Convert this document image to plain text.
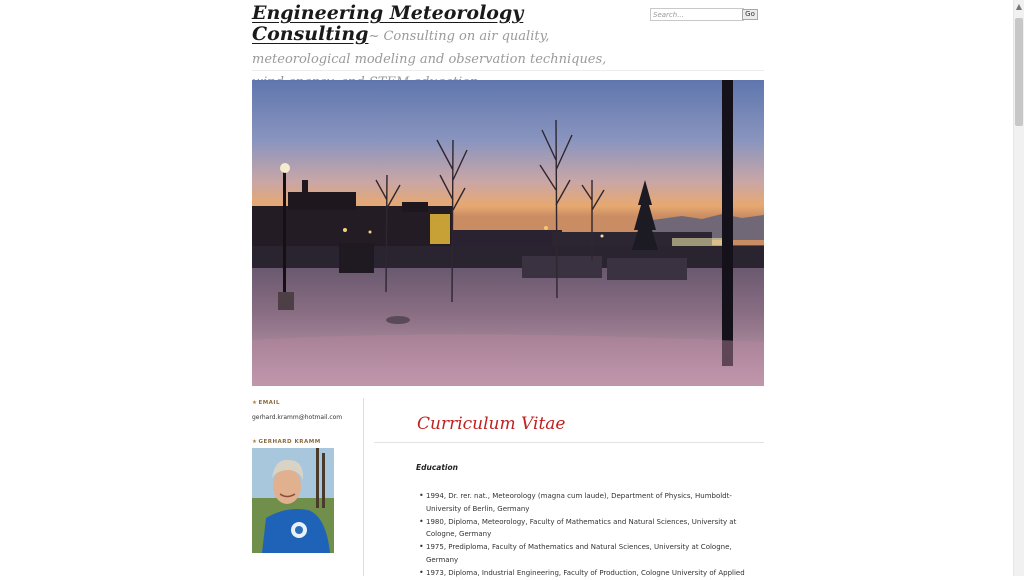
Engineering Meteorology Consulting~ Consulting on air quality, meteorological modeling and observation techniques,
Search...
Go
★EMAIL
gerhard.kramm@hotmail.com
★GERHARD KRAMM
Curriculum Vitae
Education
• 1994, Dr. rer. nat., Meteorology (magna cum laude), Department of Physics, Humboldt-University of Berlin, Germany
• 1980, Diploma, Meteorology, Faculty of Mathematics and Natural Sciences, University at Cologne, Germany
• 1975, Prediploma, Faculty of Mathematics and Natural Sciences, University at Cologne, Germany
• 1973, Diploma, Industrial Engineering, Faculty of Production, Cologne University of Applied
▲
